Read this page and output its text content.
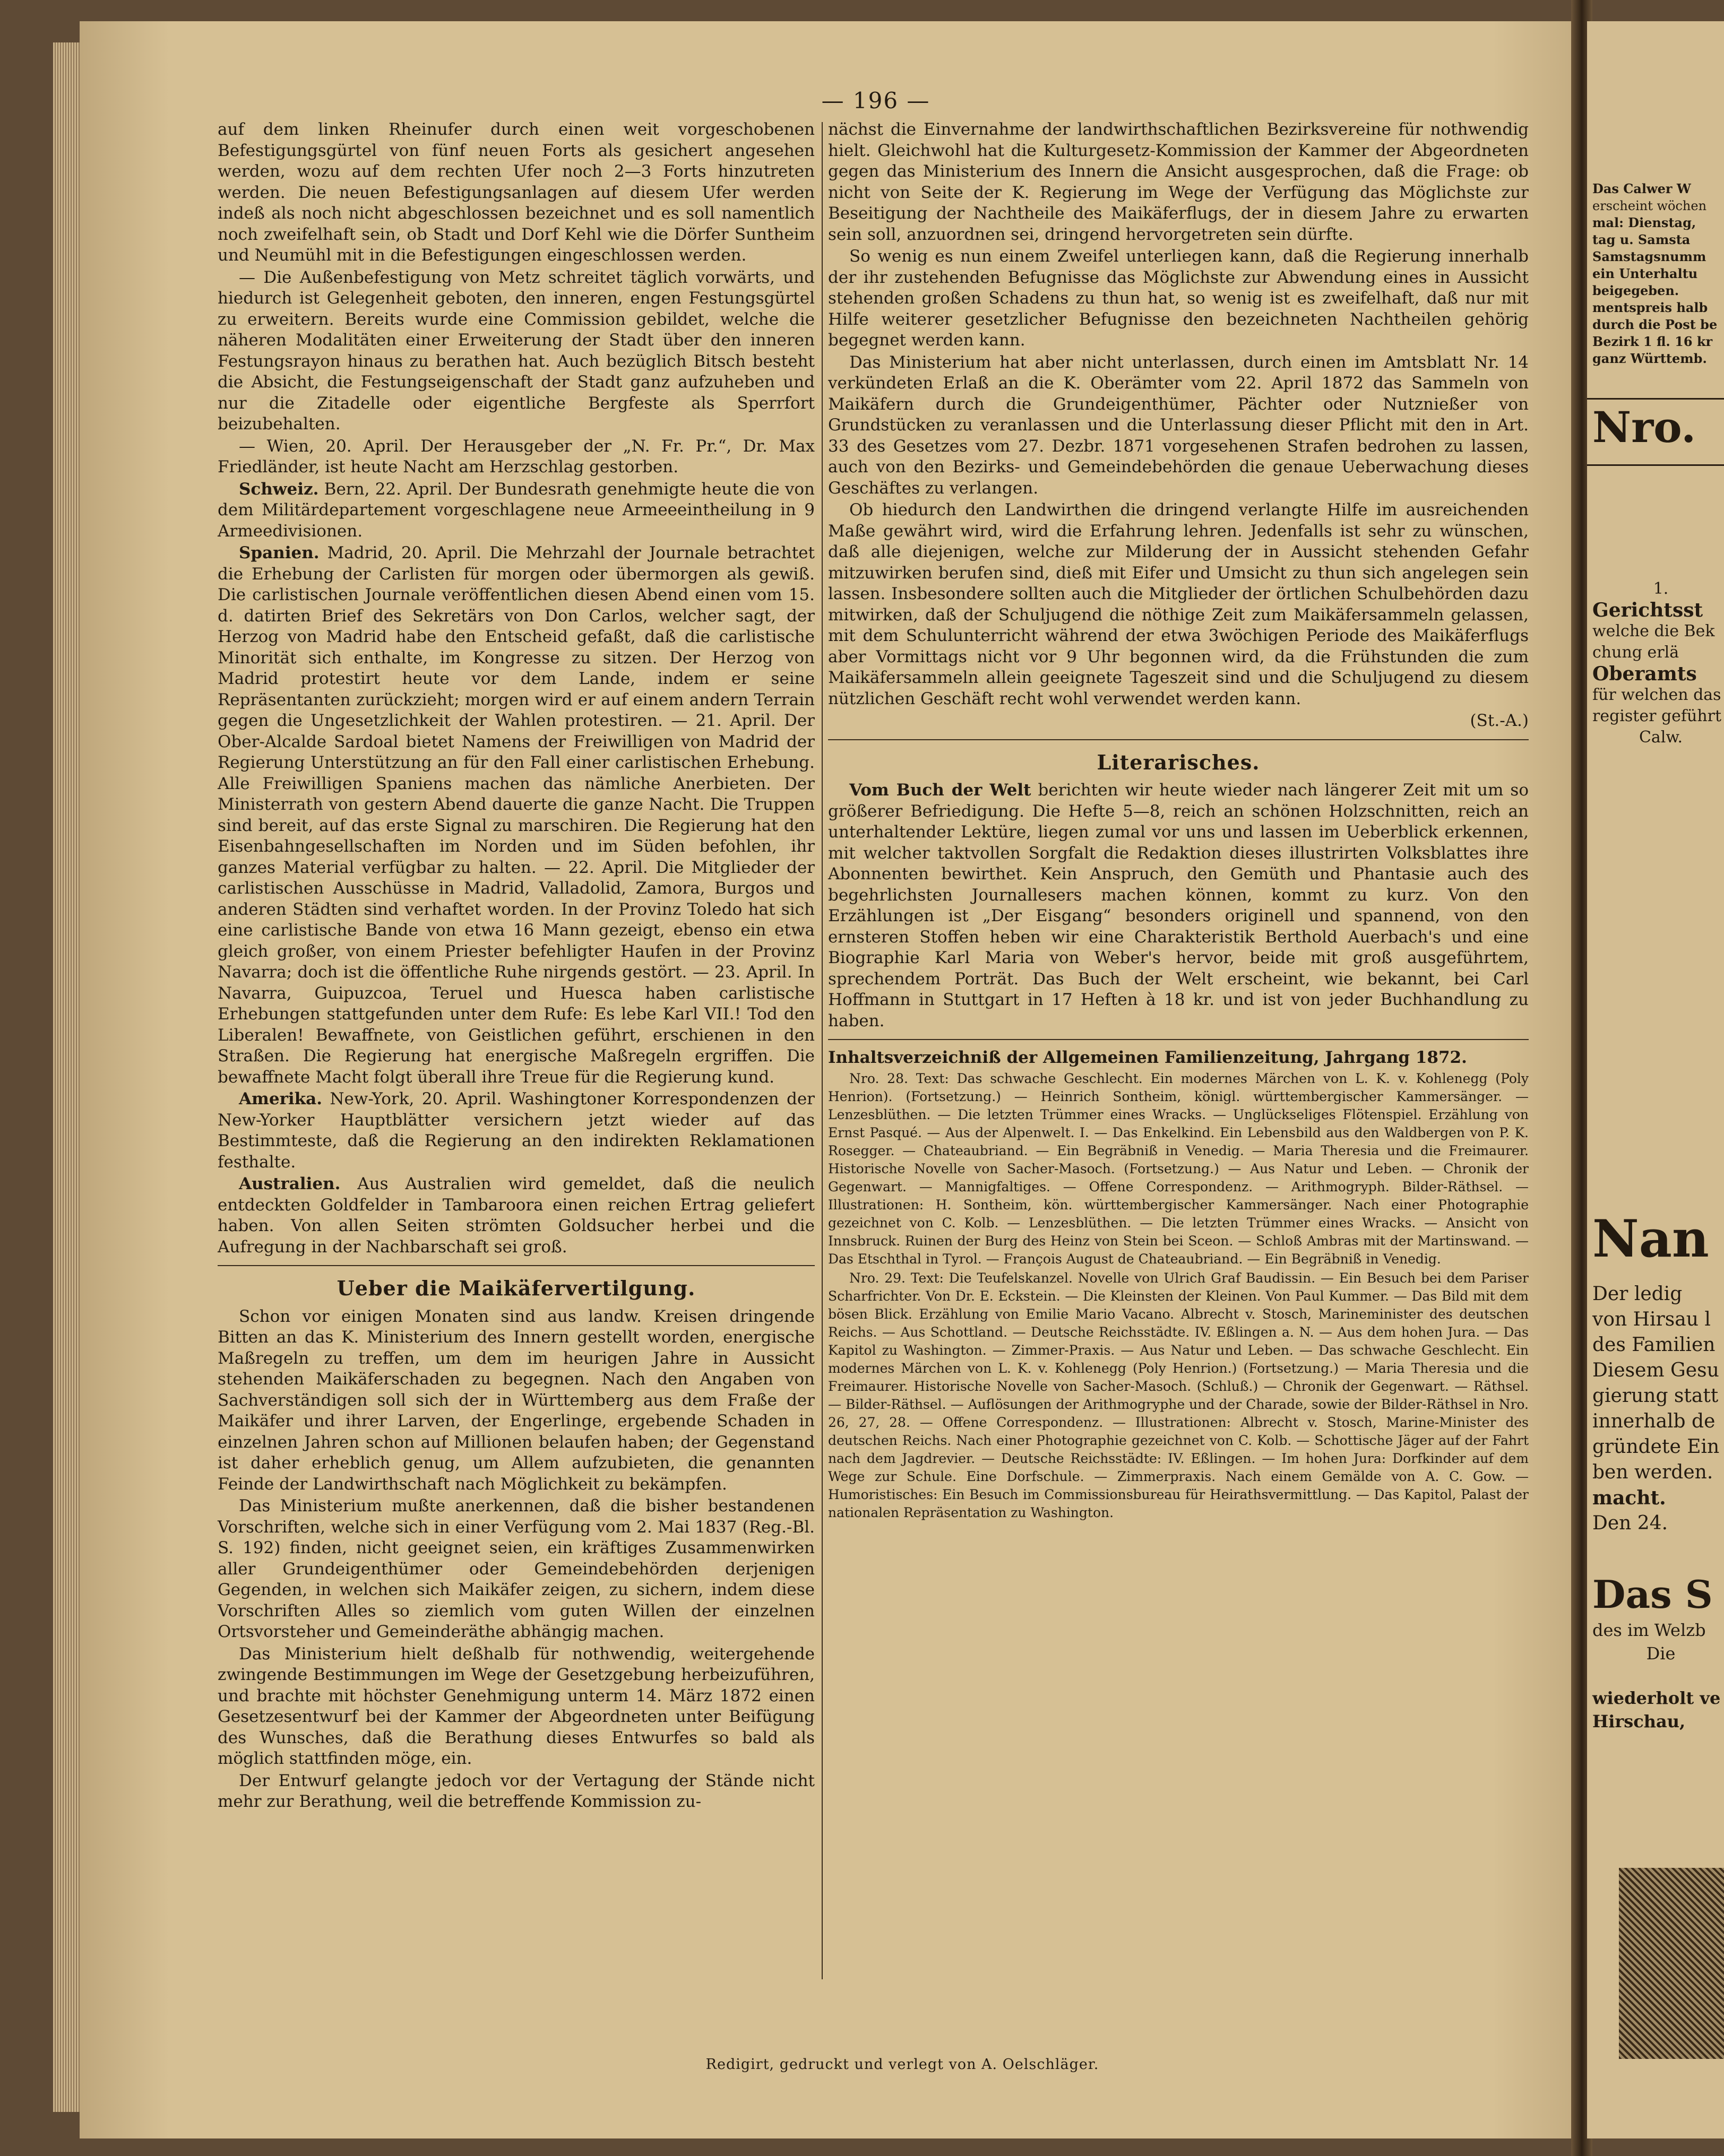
— 196 —

auf dem linken Rheinufer durch einen weit vorgeschobenen Befestigungsgürtel von fünf neuen Forts als gesichert angesehen werden, wozu auf dem rechten Ufer noch 2—3 Forts hinzutreten werden. Die neuen Befestigungsanlagen auf diesem Ufer werden indeß als noch nicht abgeschlossen bezeichnet und es soll namentlich noch zweifelhaft sein, ob Stadt und Dorf Kehl wie die Dörfer Suntheim und Neumühl mit in die Befestigungen eingeschlossen werden.

— Die Außenbefestigung von Metz schreitet täglich vorwärts, und hiedurch ist Gelegenheit geboten, den inneren, engen Festungsgürtel zu erweitern. Bereits wurde eine Commission gebildet, welche die näheren Modalitäten einer Erweiterung der Stadt über den inneren Festungsrayon hinaus zu berathen hat. Auch bezüglich Bitsch besteht die Absicht, die Festungseigenschaft der Stadt ganz aufzuheben und nur die Zitadelle oder eigentliche Bergfeste als Sperrfort beizubehalten.

— Wien, 20. April. Der Herausgeber der „N. Fr. Pr.“, Dr. Max Friedländer, ist heute Nacht am Herzschlag gestorben.

Schweiz. Bern, 22. April. Der Bundesrath genehmigte heute die von dem Militärdepartement vorgeschlagene neue Armeeeintheilung in 9 Armeedivisionen.

Spanien. Madrid, 20. April. Die Mehrzahl der Journale betrachtet die Erhebung der Carlisten für morgen oder übermorgen als gewiß. Die carlistischen Journale veröffentlichen diesen Abend einen vom 15. d. datirten Brief des Sekretärs von Don Carlos, welcher sagt, der Herzog von Madrid habe den Entscheid gefaßt, daß die carlistische Minorität sich enthalte, im Kongresse zu sitzen. Der Herzog von Madrid protestirt heute vor dem Lande, indem er seine Repräsentanten zurückzieht; morgen wird er auf einem andern Terrain gegen die Ungesetzlichkeit der Wahlen protestiren. — 21. April. Der Ober-Alcalde Sardoal bietet Namens der Freiwilligen von Madrid der Regierung Unterstützung an für den Fall einer carlistischen Erhebung. Alle Freiwilligen Spaniens machen das nämliche Anerbieten. Der Ministerrath von gestern Abend dauerte die ganze Nacht. Die Truppen sind bereit, auf das erste Signal zu marschiren. Die Regierung hat den Eisenbahngesellschaften im Norden und im Süden befohlen, ihr ganzes Material verfügbar zu halten. — 22. April. Die Mitglieder der carlistischen Ausschüsse in Madrid, Valladolid, Zamora, Burgos und anderen Städten sind verhaftet worden. In der Provinz Toledo hat sich eine carlistische Bande von etwa 16 Mann gezeigt, ebenso ein etwa gleich großer, von einem Priester befehligter Haufen in der Provinz Navarra; doch ist die öffentliche Ruhe nirgends gestört. — 23. April. In Navarra, Guipuzcoa, Teruel und Huesca haben carlistische Erhebungen stattgefunden unter dem Rufe: Es lebe Karl VII.! Tod den Liberalen! Bewaffnete, von Geistlichen geführt, erschienen in den Straßen. Die Regierung hat energische Maßregeln ergriffen. Die bewaffnete Macht folgt überall ihre Treue für die Regierung kund.

Amerika. New-York, 20. April. Washingtoner Korrespondenzen der New-Yorker Hauptblätter versichern jetzt wieder auf das Bestimmteste, daß die Regierung an den indirekten Reklamationen festhalte.

Australien. Aus Australien wird gemeldet, daß die neulich entdeckten Goldfelder in Tambaroora einen reichen Ertrag geliefert haben. Von allen Seiten strömten Goldsucher herbei und die Aufregung in der Nachbarschaft sei groß.

Ueber die Maikäfervertilgung.

Schon vor einigen Monaten sind aus landw. Kreisen dringende Bitten an das K. Ministerium des Innern gestellt worden, energische Maßregeln zu treffen, um dem im heurigen Jahre in Aussicht stehenden Maikäferschaden zu begegnen. Nach den Angaben von Sachverständigen soll sich der in Württemberg aus dem Fraße der Maikäfer und ihrer Larven, der Engerlinge, ergebende Schaden in einzelnen Jahren schon auf Millionen belaufen haben; der Gegenstand ist daher erheblich genug, um Allem aufzubieten, die genannten Feinde der Landwirthschaft nach Möglichkeit zu bekämpfen.

Das Ministerium mußte anerkennen, daß die bisher bestandenen Vorschriften, welche sich in einer Verfügung vom 2. Mai 1837 (Reg.-Bl. S. 192) finden, nicht geeignet seien, ein kräftiges Zusammenwirken aller Grundeigenthümer oder Gemeindebehörden derjenigen Gegenden, in welchen sich Maikäfer zeigen, zu sichern, indem diese Vorschriften Alles so ziemlich vom guten Willen der einzelnen Ortsvorsteher und Gemeinderäthe abhängig machen.

Das Ministerium hielt deßhalb für nothwendig, weitergehende zwingende Bestimmungen im Wege der Gesetzgebung herbeizuführen, und brachte mit höchster Genehmigung unterm 14. März 1872 einen Gesetzesentwurf bei der Kammer der Abgeordneten unter Beifügung des Wunsches, daß die Berathung dieses Entwurfes so bald als möglich stattfinden möge, ein.

Der Entwurf gelangte jedoch vor der Vertagung der Stände nicht mehr zur Berathung, weil die betreffende Kommission zu-

nächst die Einvernahme der landwirthschaftlichen Bezirksvereine für nothwendig hielt. Gleichwohl hat die Kulturgesetz-Kommission der Kammer der Abgeordneten gegen das Ministerium des Innern die Ansicht ausgesprochen, daß die Frage: ob nicht von Seite der K. Regierung im Wege der Verfügung das Möglichste zur Beseitigung der Nachtheile des Maikäferflugs, der in diesem Jahre zu erwarten sein soll, anzuordnen sei, dringend hervorgetreten sein dürfte.

So wenig es nun einem Zweifel unterliegen kann, daß die Regierung innerhalb der ihr zustehenden Befugnisse das Möglichste zur Abwendung eines in Aussicht stehenden großen Schadens zu thun hat, so wenig ist es zweifelhaft, daß nur mit Hilfe weiterer gesetzlicher Befugnisse den bezeichneten Nachtheilen gehörig begegnet werden kann.

Das Ministerium hat aber nicht unterlassen, durch einen im Amtsblatt Nr. 14 verkündeten Erlaß an die K. Oberämter vom 22. April 1872 das Sammeln von Maikäfern durch die Grundeigenthümer, Pächter oder Nutznießer von Grundstücken zu veranlassen und die Unterlassung dieser Pflicht mit den in Art. 33 des Gesetzes vom 27. Dezbr. 1871 vorgesehenen Strafen bedrohen zu lassen, auch von den Bezirks- und Gemeindebehörden die genaue Ueberwachung dieses Geschäftes zu verlangen.

Ob hiedurch den Landwirthen die dringend verlangte Hilfe im ausreichenden Maße gewährt wird, wird die Erfahrung lehren. Jedenfalls ist sehr zu wünschen, daß alle diejenigen, welche zur Milderung der in Aussicht stehenden Gefahr mitzuwirken berufen sind, dieß mit Eifer und Umsicht zu thun sich angelegen sein lassen. Insbesondere sollten auch die Mitglieder der örtlichen Schulbehörden dazu mitwirken, daß der Schuljugend die nöthige Zeit zum Maikäfersammeln gelassen, mit dem Schulunterricht während der etwa 3wöchigen Periode des Maikäferflugs aber Vormittags nicht vor 9 Uhr begonnen wird, da die Frühstunden die zum Maikäfersammeln allein geeignete Tageszeit sind und die Schuljugend zu diesem nützlichen Geschäft recht wohl verwendet werden kann.

(St.-A.)

Literarisches.

Vom Buch der Welt berichten wir heute wieder nach längerer Zeit mit um so größerer Befriedigung. Die Hefte 5—8, reich an schönen Holzschnitten, reich an unterhaltender Lektüre, liegen zumal vor uns und lassen im Ueberblick erkennen, mit welcher taktvollen Sorgfalt die Redaktion dieses illustrirten Volksblattes ihre Abonnenten bewirthet. Kein Anspruch, den Gemüth und Phantasie auch des begehrlichsten Journallesers machen können, kommt zu kurz. Von den Erzählungen ist „Der Eisgang“ besonders originell und spannend, von den ernsteren Stoffen heben wir eine Charakteristik Berthold Auerbach's und eine Biographie Karl Maria von Weber's hervor, beide mit groß ausgeführtem, sprechendem Porträt. Das Buch der Welt erscheint, wie bekannt, bei Carl Hoffmann in Stuttgart in 17 Heften à 18 kr. und ist von jeder Buchhandlung zu haben.

Inhaltsverzeichniß der Allgemeinen Familienzeitung, Jahrgang 1872.

Nro. 28. Text: Das schwache Geschlecht. Ein modernes Märchen von L. K. v. Kohlenegg (Poly Henrion). (Fortsetzung.) — Heinrich Sontheim, königl. württembergischer Kammersänger. — Lenzesblüthen. — Die letzten Trümmer eines Wracks. — Unglückseliges Flötenspiel. Erzählung von Ernst Pasqué. — Aus der Alpenwelt. I. — Das Enkelkind. Ein Lebensbild aus den Waldbergen von P. K. Rosegger. — Chateaubriand. — Ein Begräbniß in Venedig. — Maria Theresia und die Freimaurer. Historische Novelle von Sacher-Masoch. (Fortsetzung.) — Aus Natur und Leben. — Chronik der Gegenwart. — Mannigfaltiges. — Offene Correspondenz. — Arithmogryph. Bilder-Räthsel. — Illustrationen: H. Sontheim, kön. württembergischer Kammersänger. Nach einer Photographie gezeichnet von C. Kolb. — Lenzesblüthen. — Die letzten Trümmer eines Wracks. — Ansicht von Innsbruck. Ruinen der Burg des Heinz von Stein bei Sceon. — Schloß Ambras mit der Martinswand. — Das Etschthal in Tyrol. — François August de Chateaubriand. — Ein Begräbniß in Venedig.

Nro. 29. Text: Die Teufelskanzel. Novelle von Ulrich Graf Baudissin. — Ein Besuch bei dem Pariser Scharfrichter. Von Dr. E. Eckstein. — Die Kleinsten der Kleinen. Von Paul Kummer. — Das Bild mit dem bösen Blick. Erzählung von Emilie Mario Vacano. Albrecht v. Stosch, Marineminister des deutschen Reichs. — Aus Schottland. — Deutsche Reichsstädte. IV. Eßlingen a. N. — Aus dem hohen Jura. — Das Kapitol zu Washington. — Zimmer-Praxis. — Aus Natur und Leben. — Das schwache Geschlecht. Ein modernes Märchen von L. K. v. Kohlenegg (Poly Henrion.) (Fortsetzung.) — Maria Theresia und die Freimaurer. Historische Novelle von Sacher-Masoch. (Schluß.) — Chronik der Gegenwart. — Räthsel. — Bilder-Räthsel. — Auflösungen der Arithmogryphe und der Charade, sowie der Bilder-Räthsel in Nro. 26, 27, 28. — Offene Correspondenz. — Illustrationen: Albrecht v. Stosch, Marine-Minister des deutschen Reichs. Nach einer Photographie gezeichnet von C. Kolb. — Schottische Jäger auf der Fahrt nach dem Jagdrevier. — Deutsche Reichsstädte: IV. Eßlingen. — Im hohen Jura: Dorfkinder auf dem Wege zur Schule. Eine Dorfschule. — Zimmerpraxis. Nach einem Gemälde von A. C. Gow. — Humoristisches: Ein Besuch im Commissionsbureau für Heirathsvermittlung. — Das Kapitol, Palast der nationalen Repräsentation zu Washington.

Redigirt, gedruckt und verlegt von A. Oelschläger.
Das Calwer W
erscheint wöchen
mal: Dienstag,
tag u. Samsta
Samstagsnumm
ein Unterhaltu
beigegeben.
mentspreis halb
durch die Post be
Bezirk 1 fl. 16 kr
ganz Württemb.
Nro.
1.
Gerichtsst
welche die Bek
chung erlä
Oberamts
für welchen das
register geführt
Calw.
Nan
Der ledig
von Hirsau l
des Familien
Diesem Gesu
gierung statt
innerhalb de
gründete Ein
ben werden.
macht.
Den 24.
Das S
des im Welzb
Die
wiederholt ve
Hirschau,
